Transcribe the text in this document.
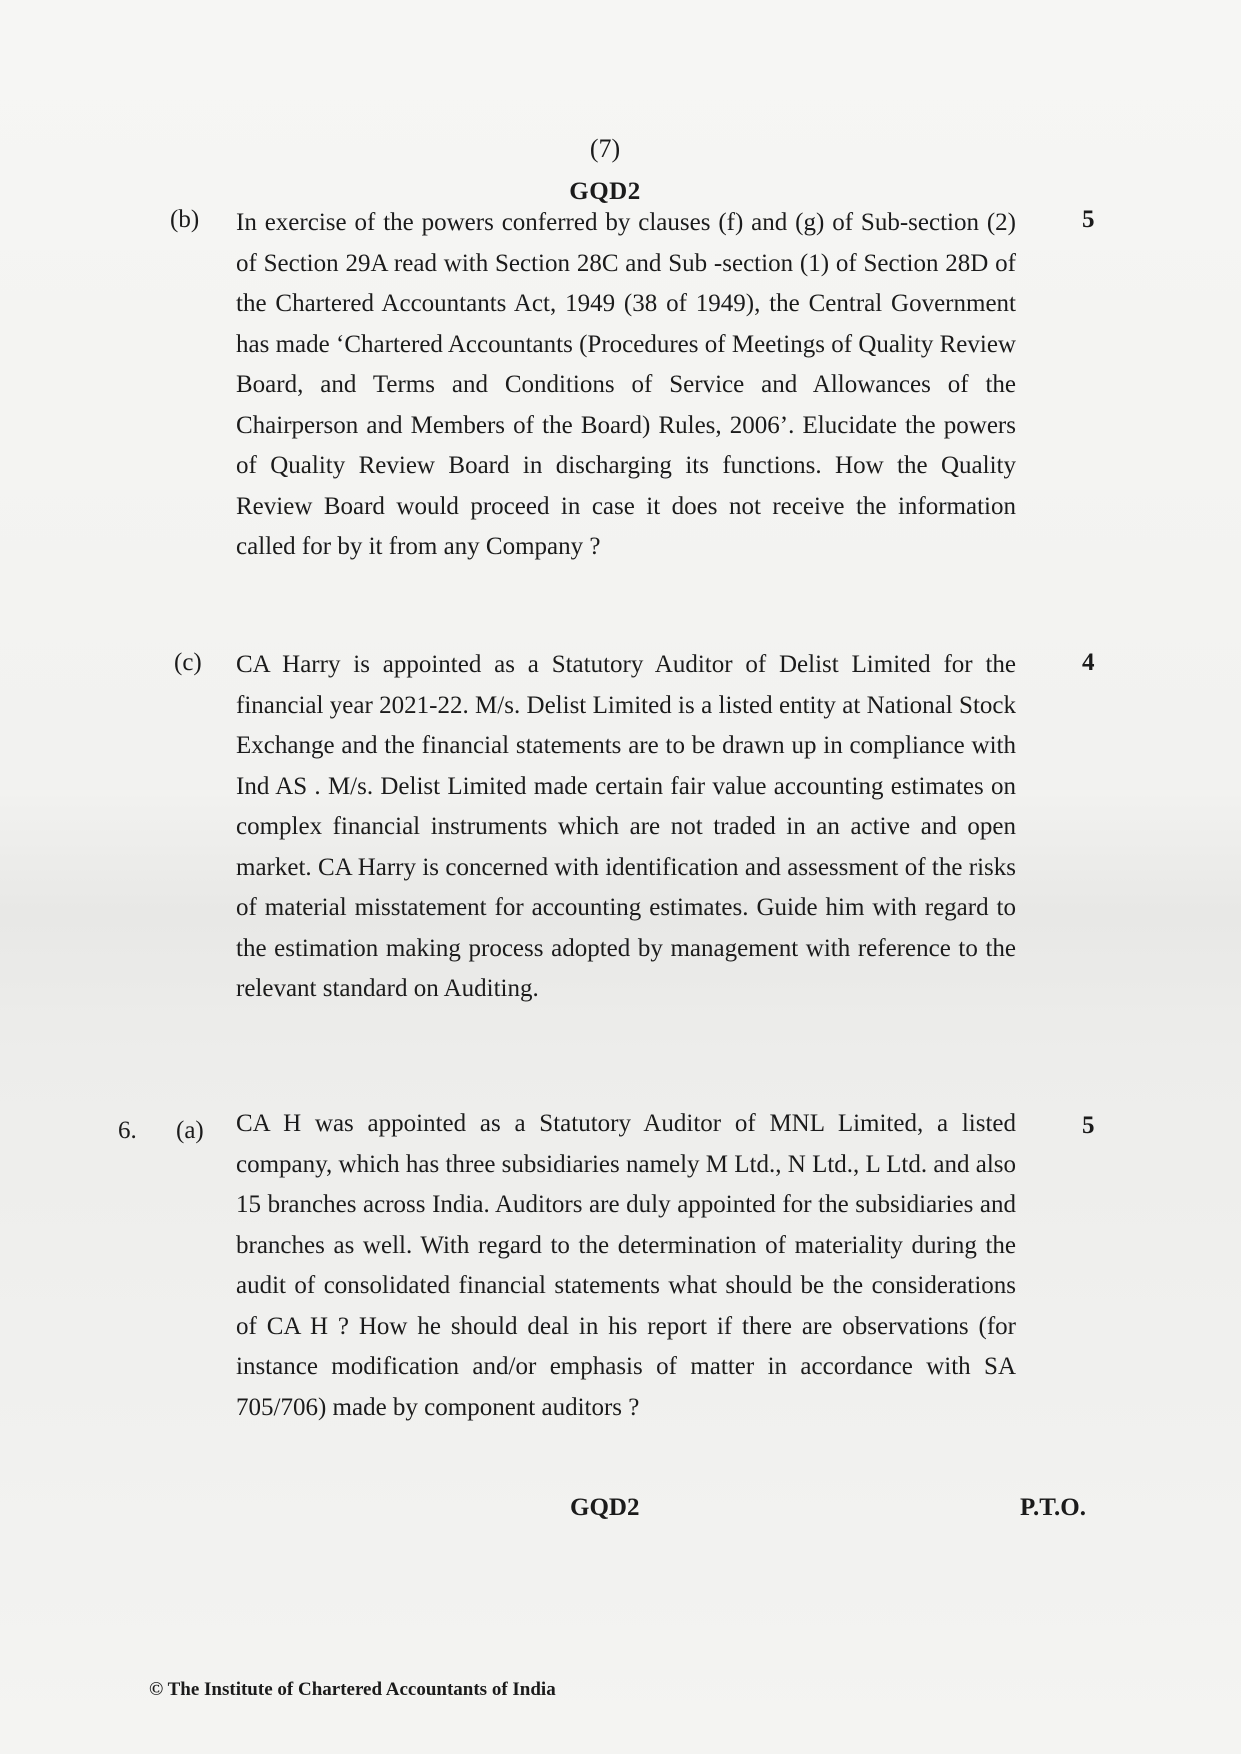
(7)
GQD2
(b)	5
In exercise of the powers conferred by clauses (f) and (g) of Sub-section (2) of Section 29A read with Section 28C and Sub -section (1) of Section 28D of the Chartered Accountants Act, 1949 (38 of 1949), the Central Government has made ‘Chartered Accountants (Procedures of Meetings of Quality Review Board, and Terms and Conditions of Service and Allowances of the Chairperson and Members of the Board) Rules, 2006’. Elucidate the powers of Quality Review Board in discharging its functions. How the Quality Review Board would proceed in case it does not receive the information called for by it from any Company ?
(c)	4
CA Harry is appointed as a Statutory Auditor of Delist Limited for the financial year 2021-22. M/s. Delist Limited is a listed entity at National Stock Exchange and the financial statements are to be drawn up in compliance with Ind AS . M/s. Delist Limited made certain fair value accounting estimates on complex financial instruments which are not traded in an active and open market. CA Harry is concerned with identification and assessment of the risks of material misstatement for accounting estimates. Guide him with regard to the estimation making process adopted by management with reference to the relevant standard on Auditing.
6. (a)	5
CA H was appointed as a Statutory Auditor of MNL Limited, a listed company, which has three subsidiaries namely M Ltd., N Ltd., L Ltd. and also 15 branches across India. Auditors are duly appointed for the subsidiaries and branches as well. With regard to the determination of materiality during the audit of consolidated financial statements what should be the considerations of CA H ? How he should deal in his report if there are observations (for instance modification and/or emphasis of matter in accordance with SA 705/706) made by component auditors ?
GQD2	P.T.O.
© The Institute of Chartered Accountants of India
